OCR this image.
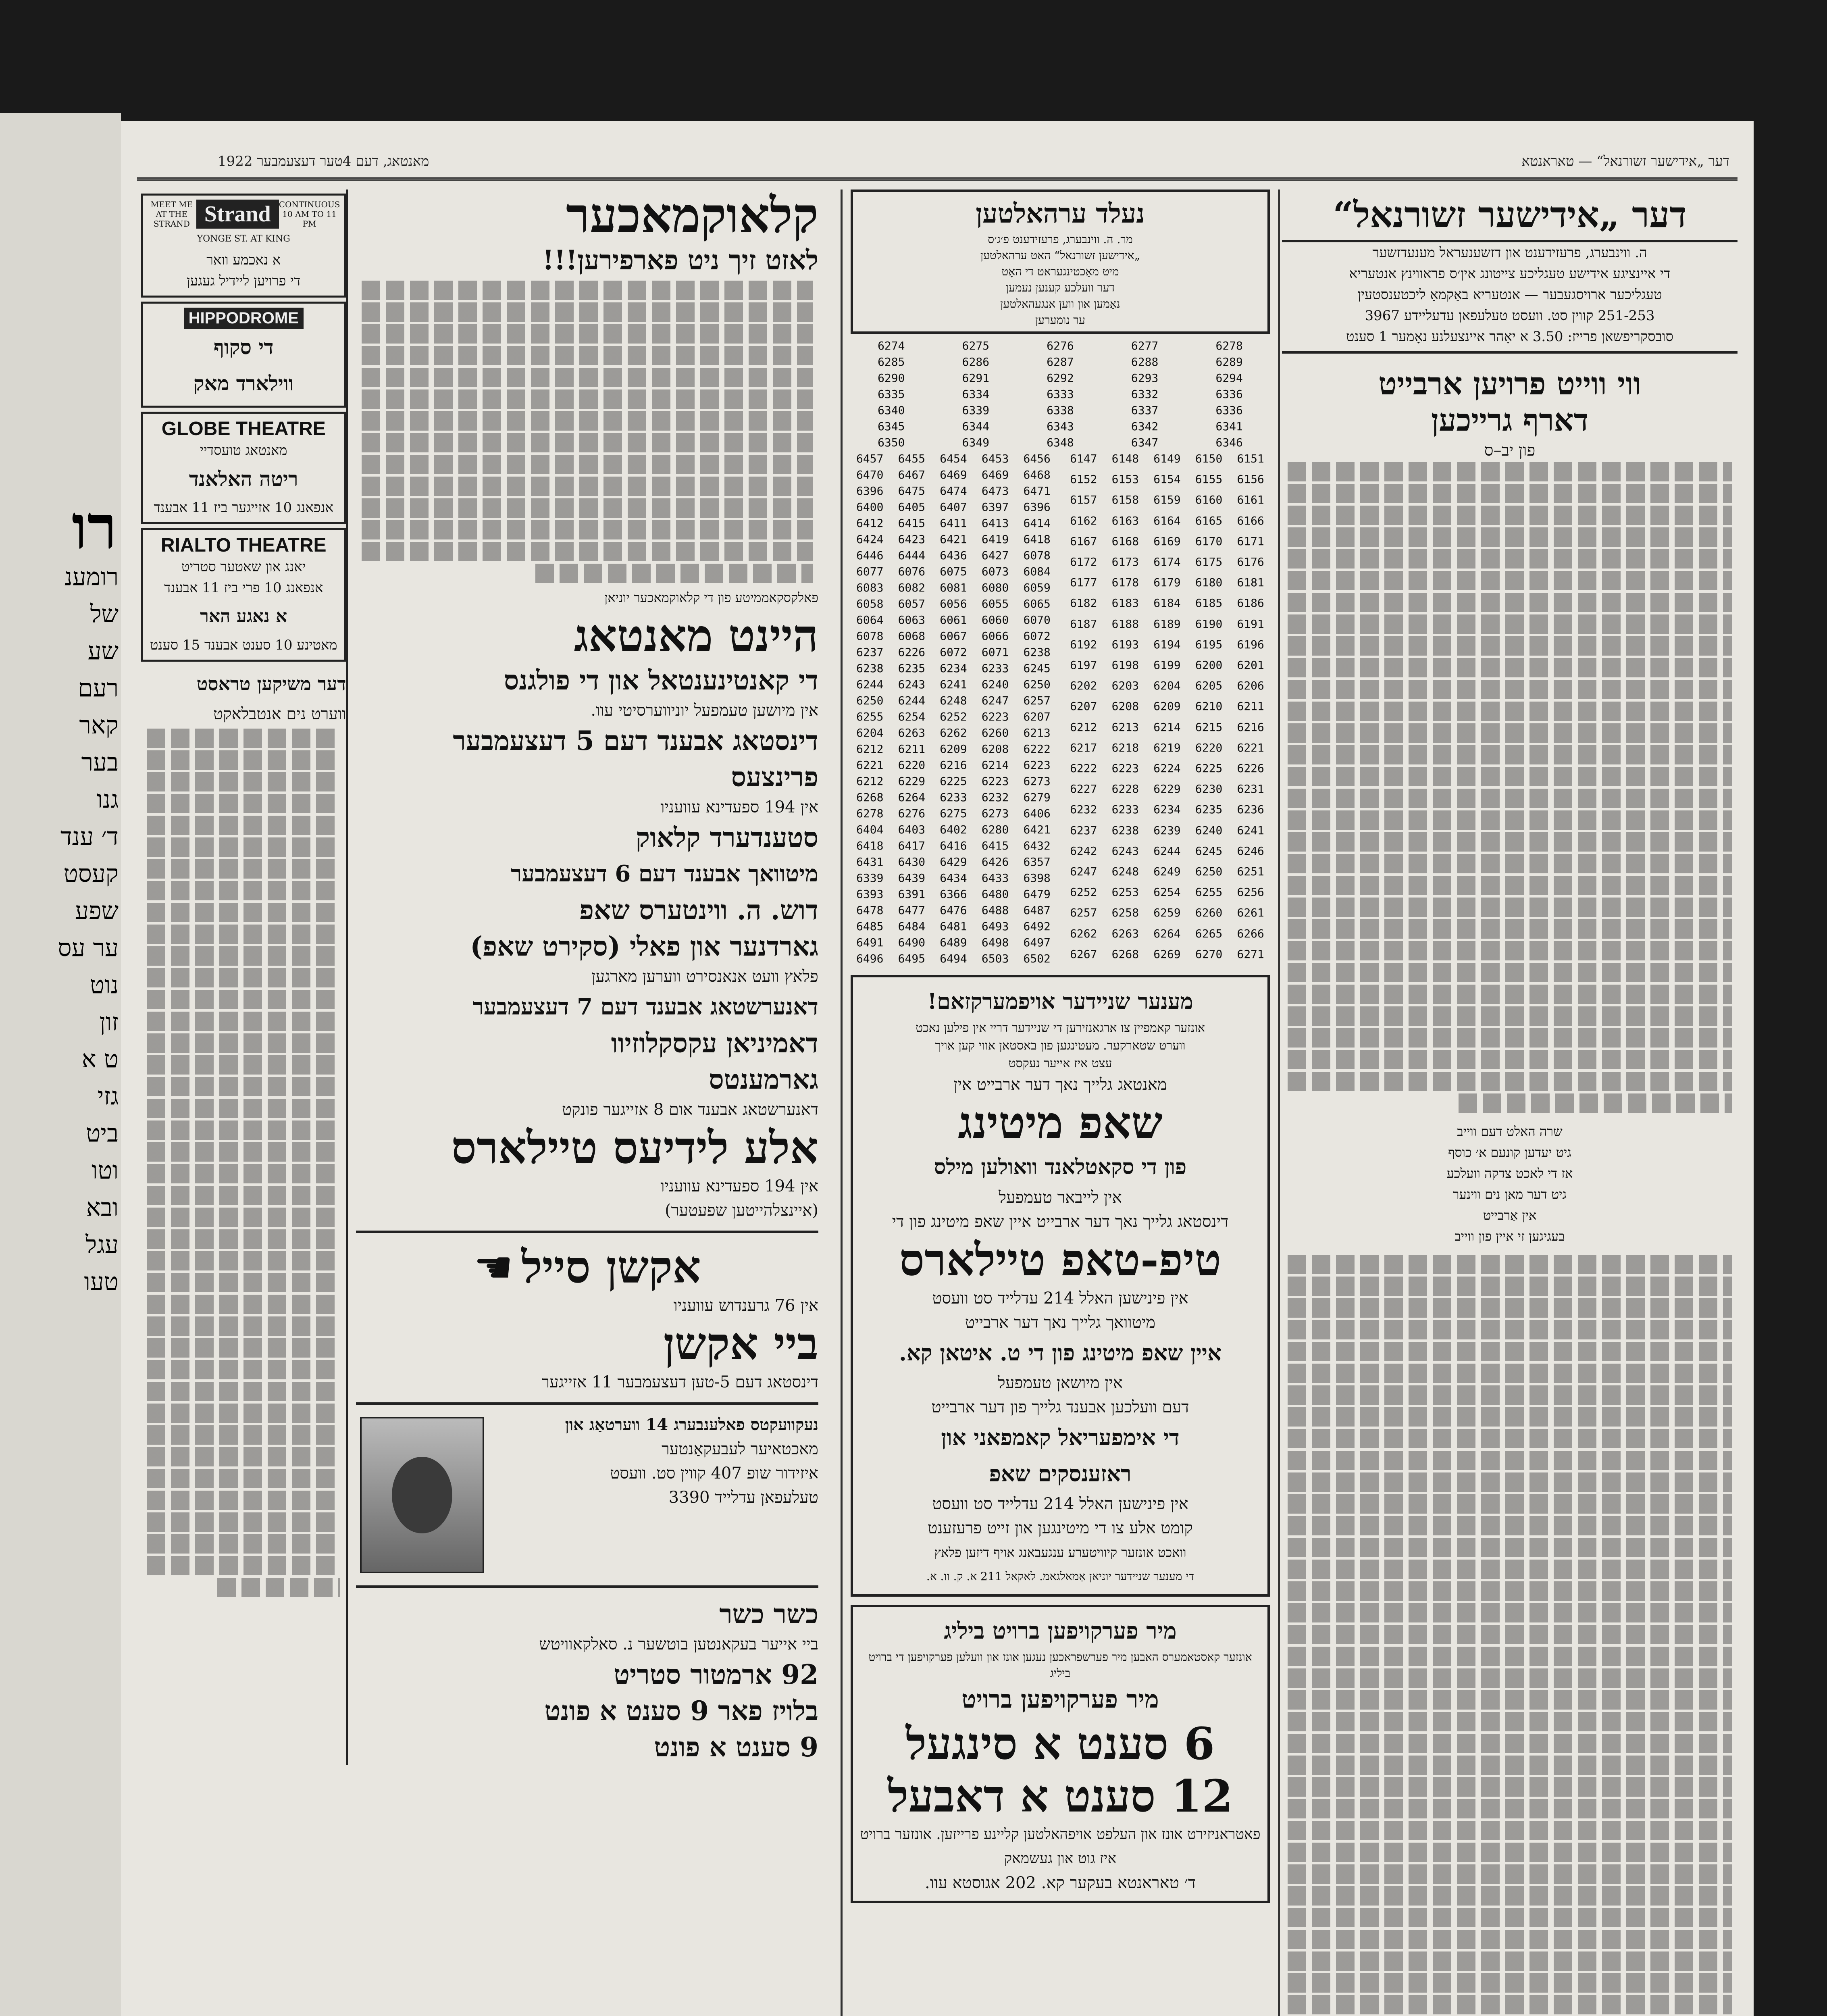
רו
רומענ
של
שע
רעם
קאר
בער
גנו
ד׳ ענד
קעסט
שפע
ער עס
נוט
זון
ט א
גזי
ביט
וטו
ובא
עגל
טעו
דער „אידישער זשורנאל“ — טאראנטא
מאנטאג, דעם 4טער דעצעמבער 1922
דער „אידישער זשורנאל“
ה. ווינבערג, פרעזידענט און דזשענעראל מענעדזשער
די איינציגע אידישע טעגליכע צייטונג אין׳ס פראווינץ אנטעריא
טעגליכער ארויסגעבער — אנטעריא באַקמאַ ליכטענסטעין
251-253 קווין סט. וועסט טעלעפאן עדעליידע 3967
סובסקריפשאן פרייז: 3.50 א יאָהר איינצעלנע נאָמער 1 סענט
ווי ווייט פרויען ארבייט
דארף גרייכען
פון יב–ס
שרה האלט דעם ווייב
גיט יעדען קונעם א׳ כוסף
אז די לאכט צדקה וועלכע
גיט דער מאן נים ווינער
אין אַרבייט
בעגיגען זי איין פון ווייב
נעלד ערהאלטען
מר. ה. ווינבערג, פרעזידענט פ׳ג׳ס
„אידישען זשורנאל“ האט ערהאלטען
מיט מאַכטינגעראט די האָט
דער וועלכע קענען נעמען
נאַמען און ווען אנגעהאלטען
ער נומערען
6274	6275	6276	6277	6278
6285	6286	6287	6288	6289
6290	6291	6292	6293	6294
6335	6334	6333	6332	6336
6340	6339	6338	6337	6336
6345	6344	6343	6342	6341
6350	6349	6348	6347	6346
6457	6455	6454	6453	6456
6470	6467	6469	6469	6468
6396	6475	6474	6473	6471
6400	6405	6407	6397	6396
6412	6415	6411	6413	6414
6424	6423	6421	6419	6418
6446	6444	6436	6427	6078
6077	6076	6075	6073	6084
6083	6082	6081	6080	6059
6058	6057	6056	6055	6065
6064	6063	6061	6060	6070
6078	6068	6067	6066	6072
6237	6226	6072	6071	6238
6238	6235	6234	6233	6245
6244	6243	6241	6240	6250
6250	6244	6248	6247	6257
6255	6254	6252	6223	6207
6204	6263	6262	6260	6213
6212	6211	6209	6208	6222
6221	6220	6216	6214	6223
6212	6229	6225	6223	6273
6268	6264	6233	6232	6279
6278	6276	6275	6273	6406
6404	6403	6402	6280	6421
6418	6417	6416	6415	6432
6431	6430	6429	6426	6357
6339	6439	6434	6433	6398
6393	6391	6366	6480	6479
6478	6477	6476	6488	6487
6485	6484	6481	6493	6492
6491	6490	6489	6498	6497
6496	6495	6494	6503	6502
6147	6148	6149	6150	6151
6152	6153	6154	6155	6156
6157	6158	6159	6160	6161
6162	6163	6164	6165	6166
6167	6168	6169	6170	6171
6172	6173	6174	6175	6176
6177	6178	6179	6180	6181
6182	6183	6184	6185	6186
6187	6188	6189	6190	6191
6192	6193	6194	6195	6196
6197	6198	6199	6200	6201
6202	6203	6204	6205	6206
6207	6208	6209	6210	6211
6212	6213	6214	6215	6216
6217	6218	6219	6220	6221
6222	6223	6224	6225	6226
6227	6228	6229	6230	6231
6232	6233	6234	6235	6236
6237	6238	6239	6240	6241
6242	6243	6244	6245	6246
6247	6248	6249	6250	6251
6252	6253	6254	6255	6256
6257	6258	6259	6260	6261
6262	6263	6264	6265	6266
6267	6268	6269	6270	6271
מענער שניידער אויפמערקזאם!
אונזער קאמפיין צו ארגאנזירען די שניידער דריי אין פילען נאכט
ווערט שטארקער. מעטינגען פון באסטאן אווי קען אויך
עצט איז אייער נעקסט
מאנטאג גלייך נאך דער ארבייט אין
שאפ מיטינג
פון די סקאטלאנד וואולען מילס
אין לייבאר טעמפעל
דינסטאג גלייך נאך דער ארבייט איין שאפ מיטינג פון די
טיפ-טאפ טיילארס
אין פינישען האלל 214 עדלייד סט וועסט
מיטוואך גלייך נאך דער ארבייט
איין שאפ מיטינג פון די ט. איטאן קא.
אין מיושאן טעמפעל
דעם וועלכען אבענד גלייך פון דער ארבייט
די אימפעריאל קאמפאני און
ראזענסקים שאפ
אין פינישען האלל 214 עדלייד סט וועסט
קומט אלע צו די מיטינגען און זייט פרעזענט
וואכט אונזער קיוויטערע ענגעבאנג אויף דיזען פלאץ
די מענער שניידער יוניאן אַמאלגאמ. לאקאל 211 א. ק. וו. א.
מיר פערקויפען ברויט ביליג
אונזער קאסטאמערס האבען מיר פערשפראכען נעגען אונז און וועלען פערקויפען די ברויט ביליג
מיר פערקויפען ברויט
6 סענט א סינגעל
12 סענט א דאבעל
פאטראניזירט אונז און העלפט אויפהאלטען קליינע פרייזען. אונזער ברויט איז גוט און געשמאק
ד׳ טאראנטא בעקער קא. 202 אגוסטא עוו.
קלאוקמאכער
לאזט זיך ניט פארפירען!!!
פאלקסקאממיטע פון די קלאוקמאכער יוניאן
היינט מאנטאג
די קאנטינענטאל און די פולגנס
אין מיושען טעמפעל יוניווערסיטי עוו.
דינסטאג אבענד דעם 5 דעצעמבער
פרינצעס
אין 194 ספעדינא עוועניו
סטענדערד קלאוק
מיטוואך אבענד דעם 6 דעצעמבער
דוש. ה. ווינטערס שאפ
גארדנער און פאלי (סקירט שאפ)
פלאץ וועט אנאנסירט ווערען מארגען
דאנערשטאג אבענד דעם 7 דעצעמבער
דאמיניאן עקסקלוזיוו
גארמענטס
דאנערשטאג אבענד אום 8 אזייגער פונקט
אלע לידיעס טיילארס
אין 194 ספעדינא עוועניו
(איינצלהייטען שפעטער)
אקשן סייל
☚
אין 76 גרענדוש עוועניו
ביי אקשן
דינסטאג דעם 5-טען דעצעמבער 11 אזייגער
נעקוועקטס פאלענבערג 14 ווערטאַג און
מאכטאיער לעבעקאַנטער
איזידור שופ 407 קווין סט. וועסט
טעלעפאן עדלייד 3390
כשר כשר
ביי אייער בעקאנטען בוטשער נ. סאלקאוויטש
92 ארמטור סטריט
בלויז פאר 9 סענט א פונט
9 סענט א פונט
MEET ME AT THE STRAND Strand	CONTINUOUS 10 AM TO 11 PM
YONGE ST. AT KING
א נאכמע וואר
די פרויען ליידיל געגען
HIPPODROME
די סקוף
ווילארד מאק
GLOBE THEATRE
מאנטאג טועסדיי
ריטה האלאנד
אנפאנג 10 אזייגער ביז 11 אבענד
RIALTO THEATRE
יאנג און שאטער סטריט
אנפאנג 10 פרי ביז 11 אבענד
א נאגע האר
מאטינע 10 סענט אבענד 15 סענט
דער משיקען טראסט
ווערט נים אנטבלאקט
